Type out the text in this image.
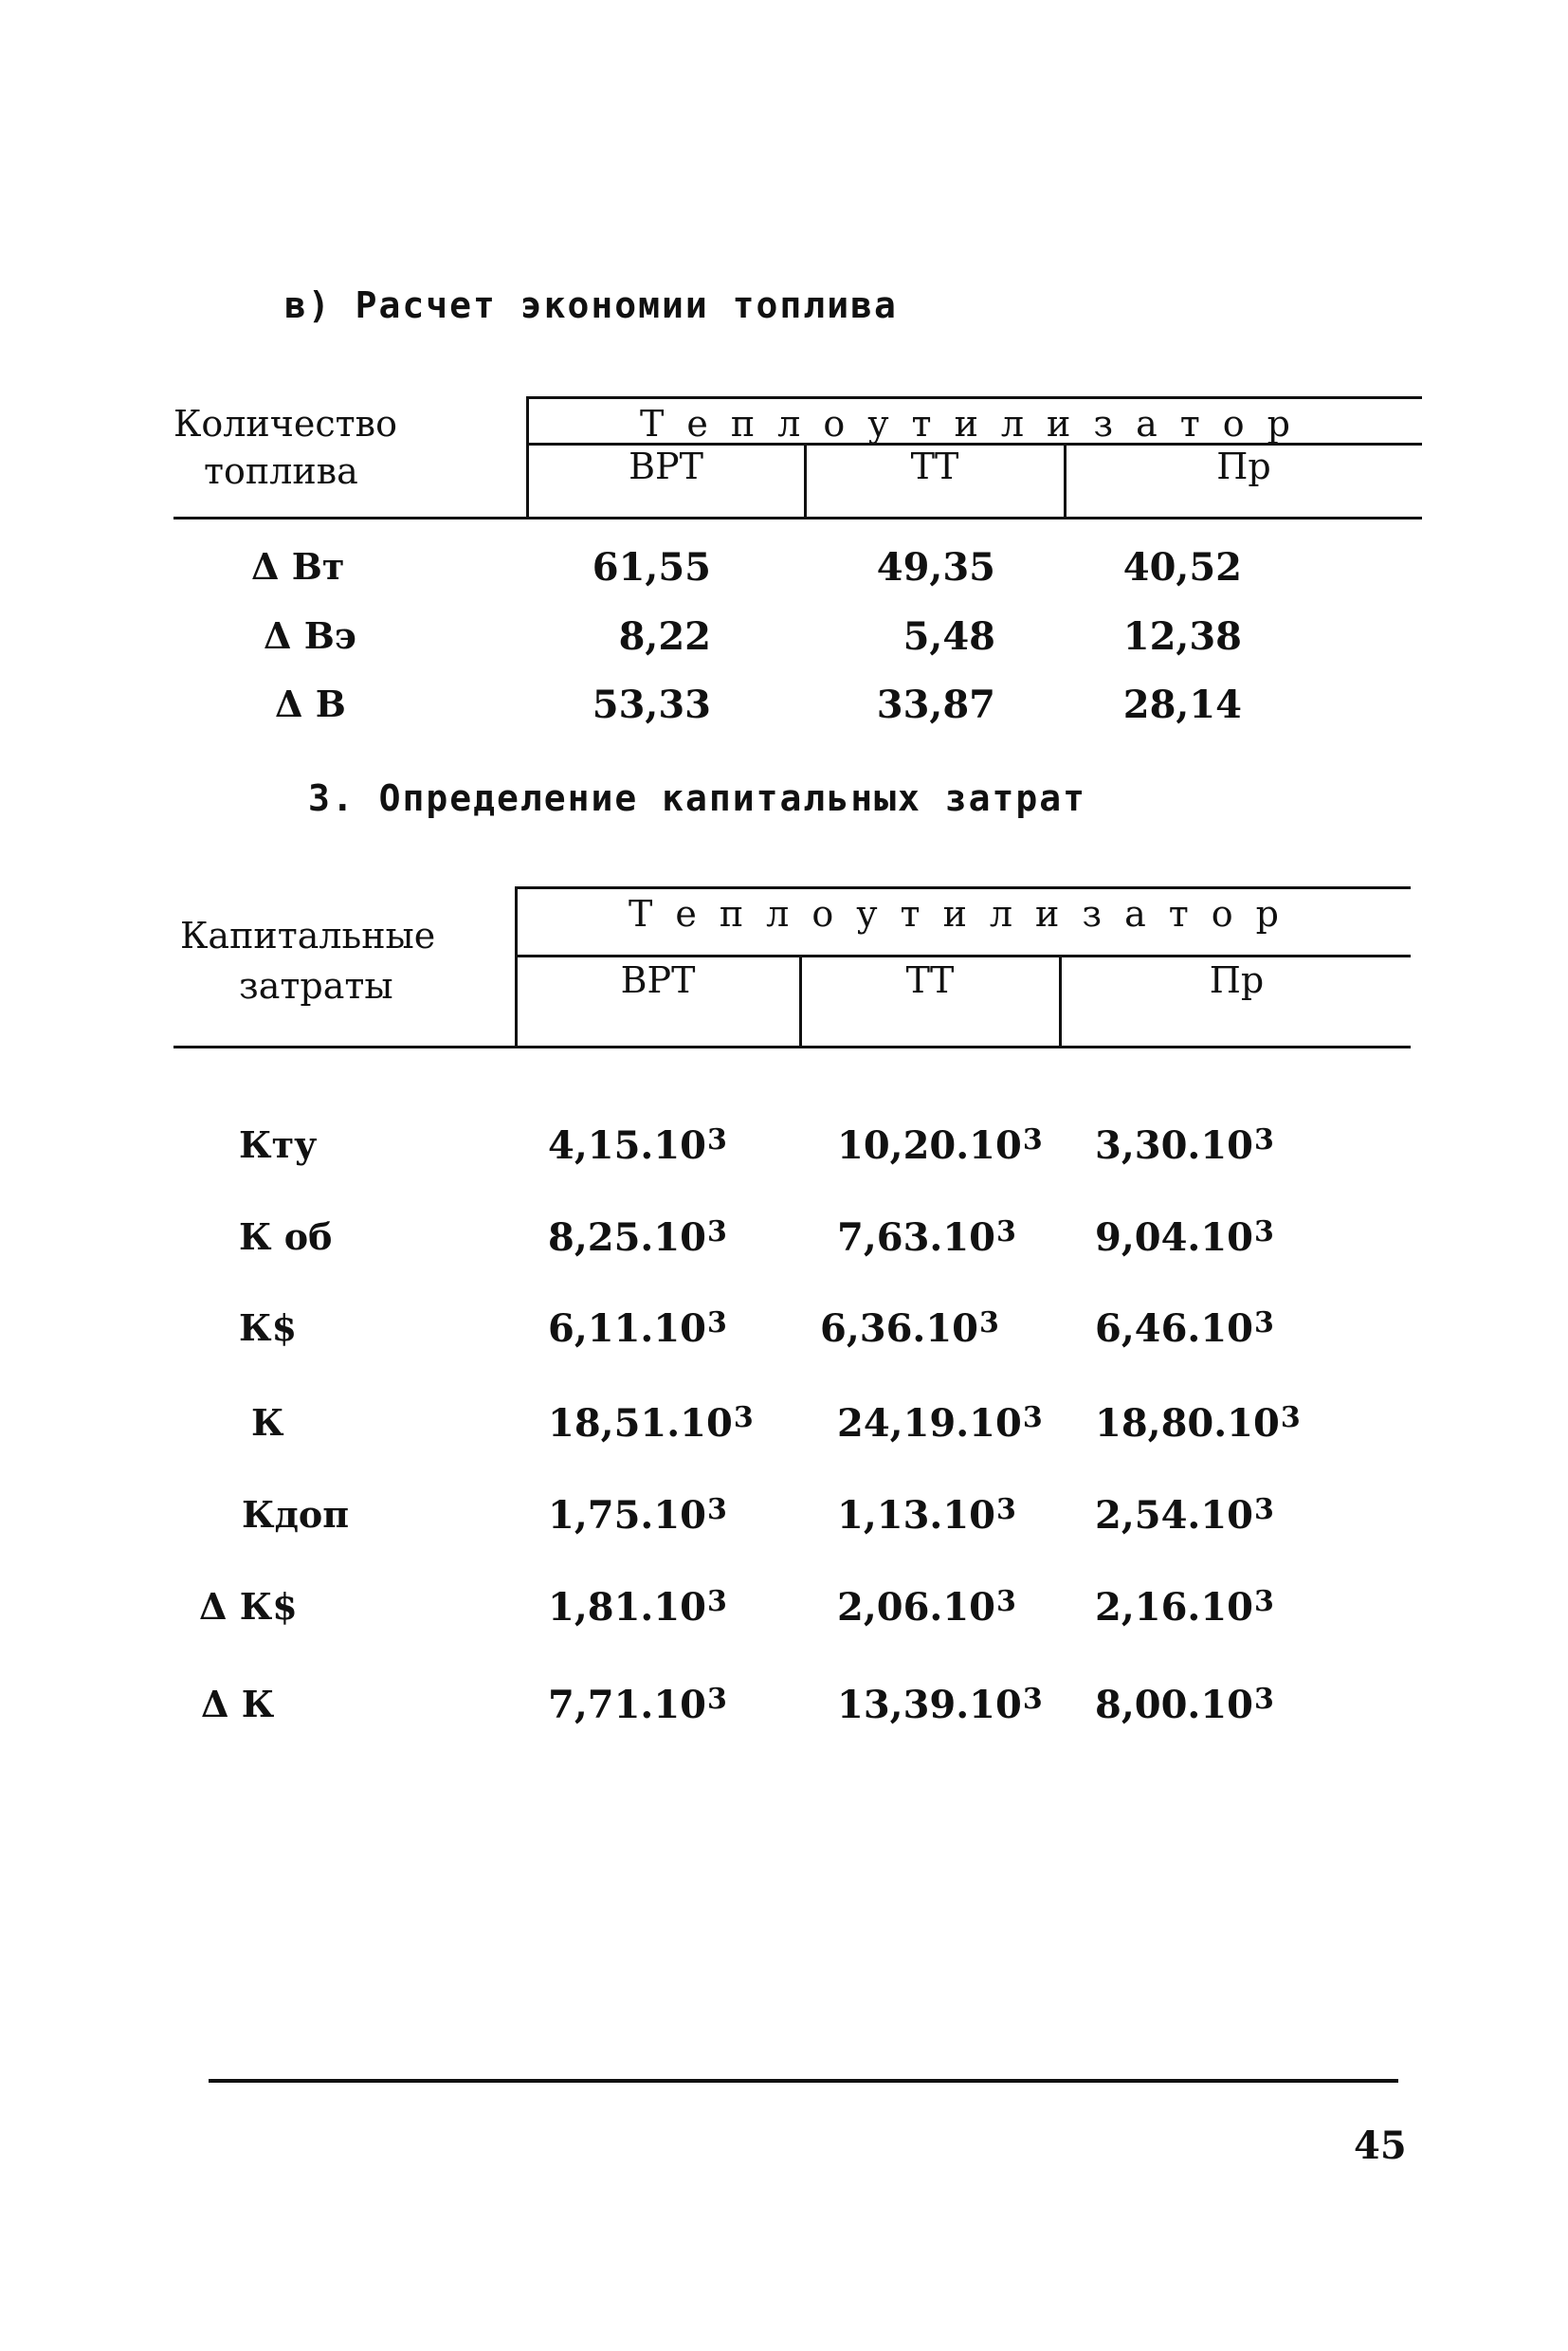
в) Расчет экономии топлива
Количество
топлива
Теплоутилизатор
ВРТ	ТТ	Пр
Δ Вт	61,55	49,35	40,52
Δ Вэ	8,22	5,48	12,38
Δ В	53,33	33,87	28,14
3. Определение капитальных затрат
Капитальные
затраты
Теплоутилизатор
ВРТ	ТТ	Пр
Кту	4,15.10$^3$	10,20.10$^3$ 3,30.10$^3$
К об	8,25.10$^3$	7,63.10$^3$ 9,04.10$^3$
К$	6,11.10$^3$ 6,36.10$^3$	6,46.10$^3$
К	18,51.10$^3$ 24,19.10$^3$ 18,80.10$^3$
Кдоп	1,75.10$^3$	1,13.10$^3$ 2,54.10$^3$
Δ К$	1,81.10$^3$	2,06.10$^3$ 2,16.10$^3$
Δ К	7,71.10$^3$	13,39.10$^3$ 8,00.10$^3$
45
